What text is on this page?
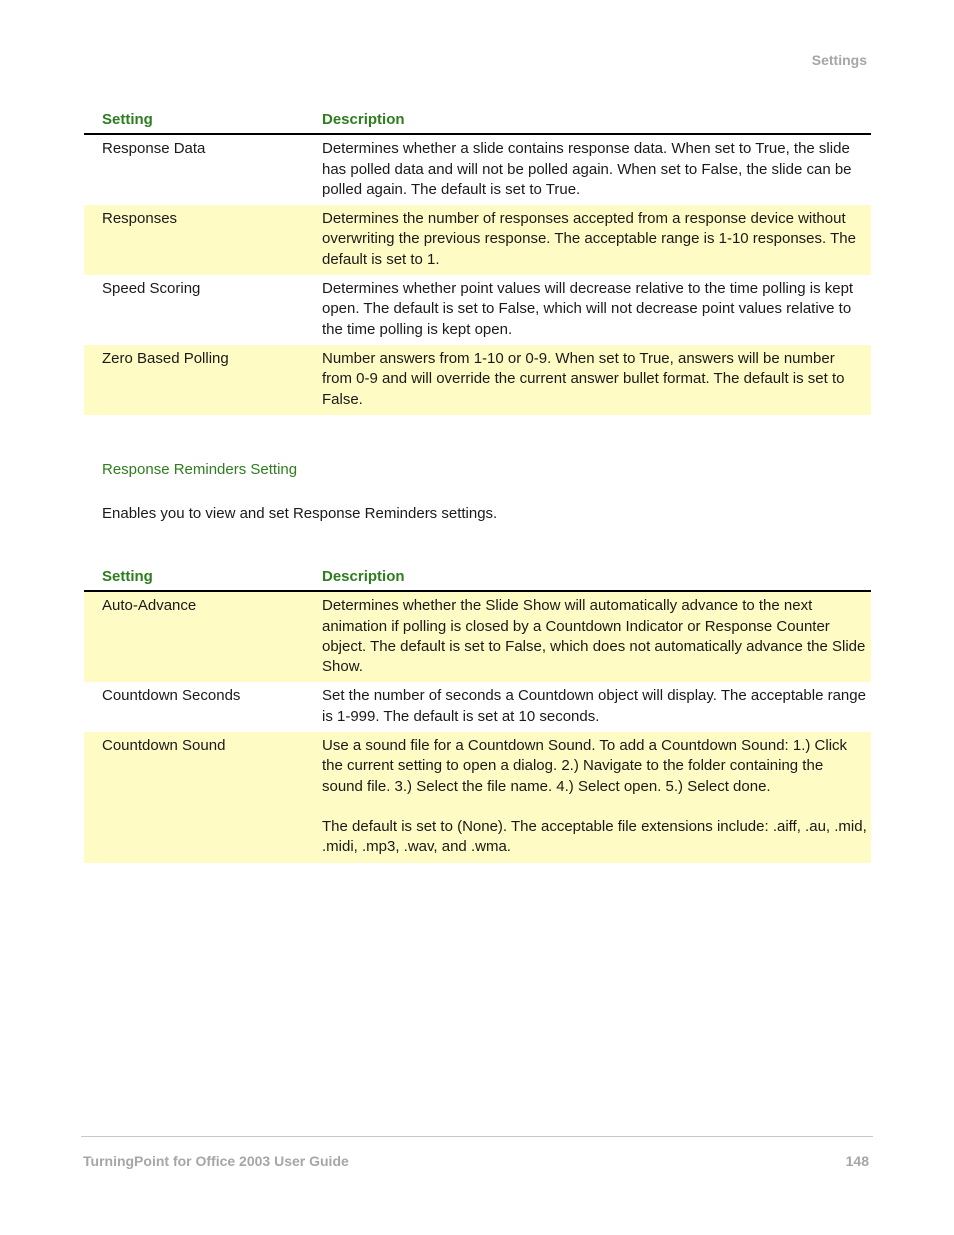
Settings
Setting	Description
Response Data	Determines whether a slide contains response data. When set to True, the slide has polled data and will not be polled again. When set to False, the slide can be polled again. The default is set to True.
Responses	Determines the number of responses accepted from a response device without overwriting the previous response. The acceptable range is 1-10 responses. The default is set to 1.
Speed Scoring	Determines whether point values will decrease relative to the time polling is kept open. The default is set to False, which will not decrease point values relative to the time polling is kept open.
Zero Based Polling	Number answers from 1-10 or 0-9. When set to True, answers will be number from 0-9 and will override the current answer bullet format. The default is set to False.
Response Reminders Setting
Enables you to view and set Response Reminders settings.
Setting	Description
Auto-Advance	Determines whether the Slide Show will automatically advance to the next animation if polling is closed by a Countdown Indicator or Response Counter object. The default is set to False, which does not automatically advance the Slide Show.
Countdown Seconds	Set the number of seconds a Countdown object will display. The acceptable range is 1-999. The default is set at 10 seconds.
Countdown Sound	Use a sound file for a Countdown Sound. To add a Countdown Sound: 1.) Click the current setting to open a dialog. 2.) Navigate to the folder containing the sound file. 3.) Select the file name. 4.) Select open. 5.) Select done.
The default is set to (None). The acceptable file extensions include: .aiff, .au, .mid, .midi, .mp3, .wav, and .wma.
TurningPoint for Office 2003 User Guide	148
